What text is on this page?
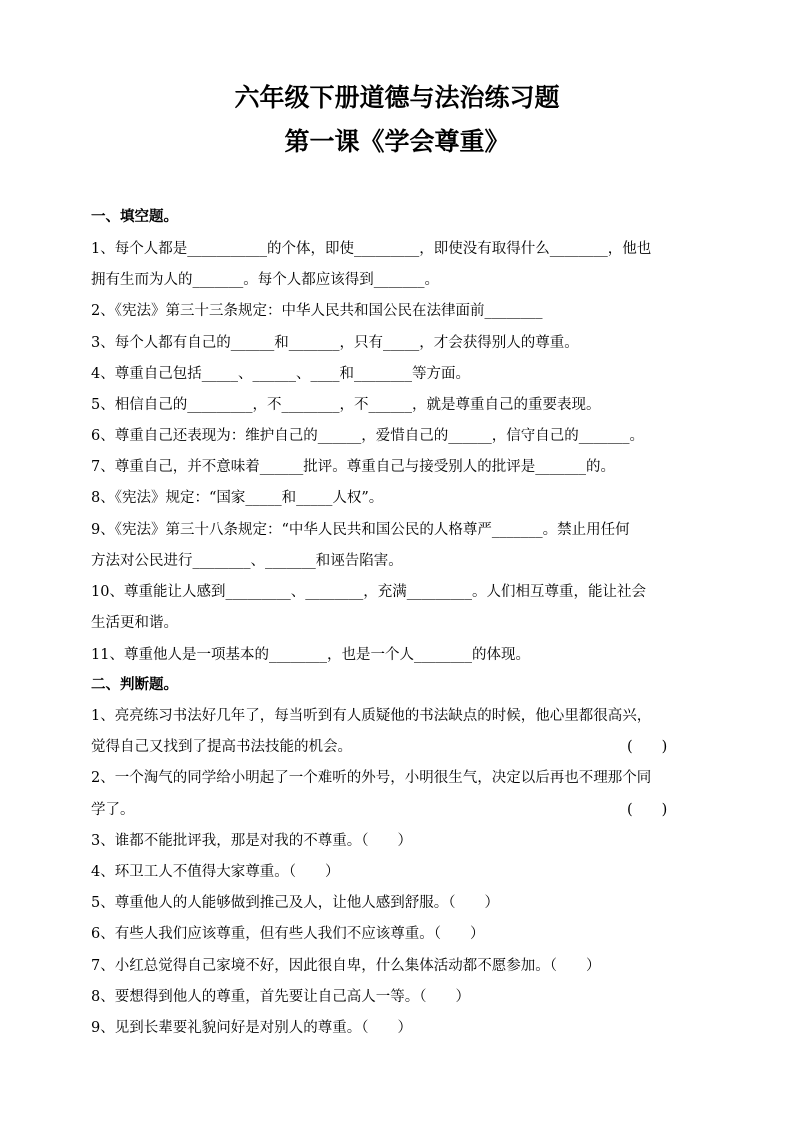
六年级下册道德与法治练习题
第一课《学会尊重》
一、填空题。
1、每个人都是___________的个体，即使_________，即使没有取得什么________，他也
拥有生而为人的_______。每个人都应该得到_______。
2、《宪法》第三十三条规定：中华人民共和国公民在法律面前________
3、每个人都有自己的______和_______，只有_____，才会获得别人的尊重。
4、尊重自己包括_____、______、____和________等方面。
5、相信自己的_________，不________，不______，就是尊重自己的重要表现。
6、尊重自己还表现为：维护自己的______，爱惜自己的______，信守自己的_______。
7、尊重自己，并不意味着______批评。尊重自己与接受别人的批评是_______的。
8、《宪法》规定：“国家_____和_____人权”。
9、《宪法》第三十八条规定：“中华人民共和国公民的人格尊严_______。禁止用任何
方法对公民进行________、_______和诬告陷害。
10、尊重能让人感到_________、________，充满_________。人们相互尊重，能让社会
生活更和谐。
11、尊重他人是一项基本的________，也是一个人________的体现。
二、判断题。
1、亮亮练习书法好几年了，每当听到有人质疑他的书法缺点的时候，他心里都很高兴，
觉得自己又找到了提高书法技能的机会。	(　　)
2、一个淘气的同学给小明起了一个难听的外号，小明很生气，决定以后再也不理那个同
学了。	(　　)
3、谁都不能批评我，那是对我的不尊重。（　　）
4、环卫工人不值得大家尊重。（　　）
5、尊重他人的人能够做到推己及人，让他人感到舒服。（　　）
6、有些人我们应该尊重，但有些人我们不应该尊重。（　　）
7、小红总觉得自己家境不好，因此很自卑，什么集体活动都不愿参加。（　　）
8、要想得到他人的尊重，首先要让自己高人一等。（　　）
9、见到长辈要礼貌问好是对别人的尊重。（　　）
